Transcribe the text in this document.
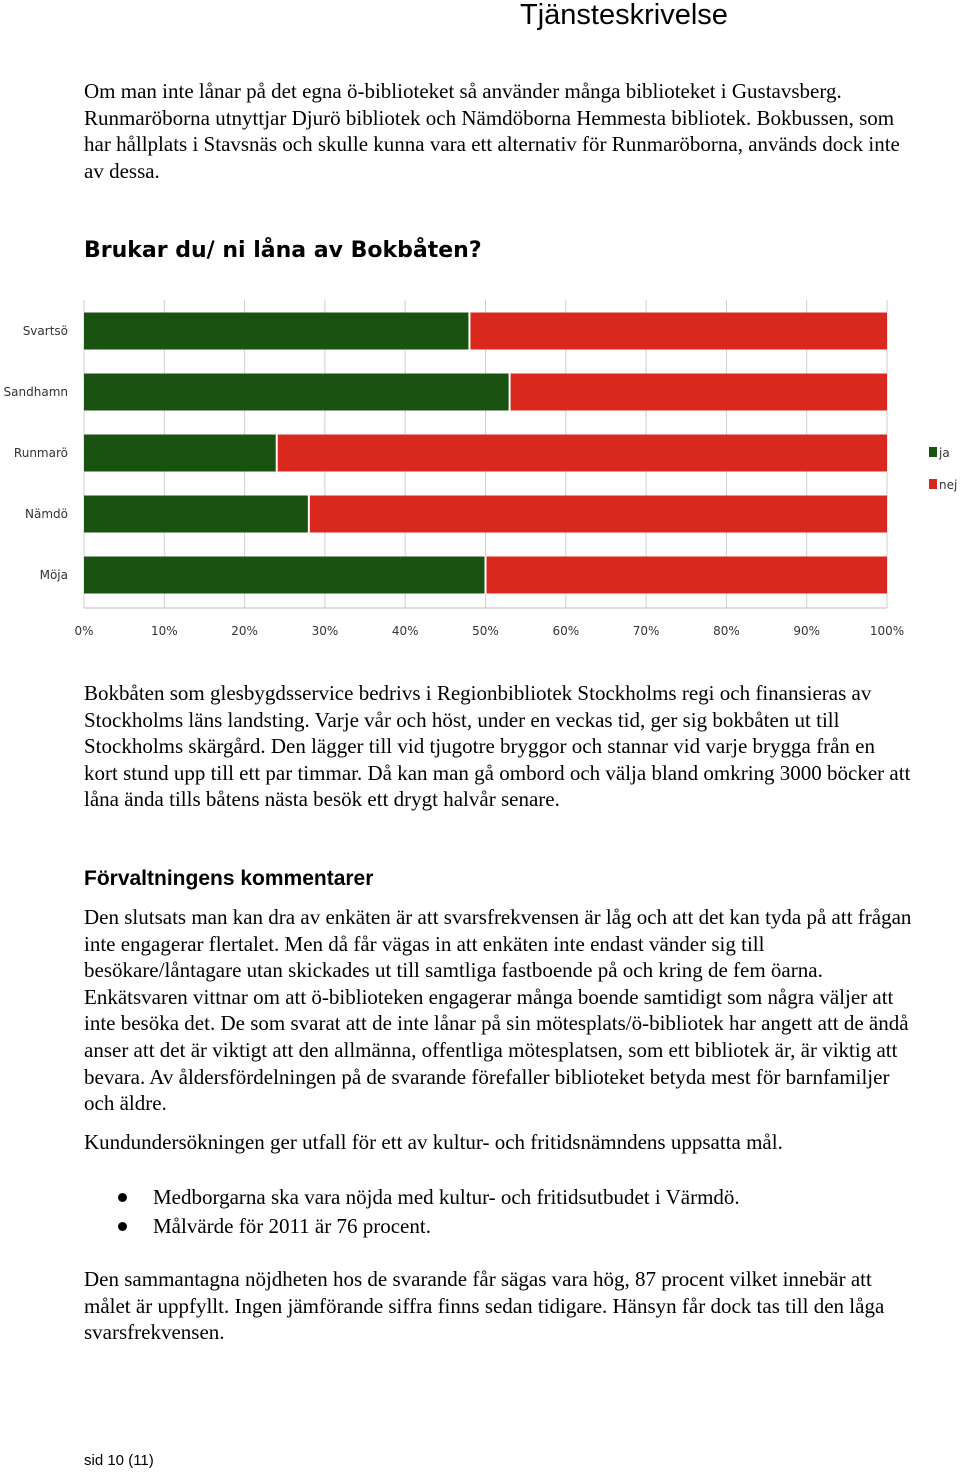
Tjänsteskrivelse

Om man inte lånar på det egna ö-biblioteket så använder många biblioteket i Gustavsberg. Runmaröborna utnyttjar Djurö bibliotek och Nämdöborna Hemmesta bibliotek. Bokbussen, som har hållplats i Stavsnäs och skulle kunna vara ett alternativ för Runmaröborna, används dock inte av dessa.

Brukar du/ ni låna av Bokbåten?
0%	10%	20%	30%	40%	50%	60%	70%	80%	90%	100%
Svartsö
Sandhamn
Runmarö
Nämdö
Möja
ja
nej

Bokbåten som glesbygdsservice bedrivs i Regionbibliotek Stockholms regi och finansieras av Stockholms läns landsting. Varje vår och höst, under en veckas tid, ger sig bokbåten ut till Stockholms skärgård. Den lägger till vid tjugotre bryggor och stannar vid varje brygga från en kort stund upp till ett par timmar. Då kan man gå ombord och välja bland omkring 3000 böcker att låna ända tills båtens nästa besök ett drygt halvår senare.

Förvaltningens kommentarer

Den slutsats man kan dra av enkäten är att svarsfrekvensen är låg och att det kan tyda på att frågan inte engagerar flertalet. Men då får vägas in att enkäten inte endast vänder sig till besökare/låntagare utan skickades ut till samtliga fastboende på och kring de fem öarna. Enkätsvaren vittnar om att ö-biblioteken engagerar många boende samtidigt som några väljer att inte besöka det. De som svarat att de inte lånar på sin mötesplats/ö-bibliotek har angett att de ändå anser att det är viktigt att den allmänna, offentliga mötesplatsen, som ett bibliotek är, är viktig att bevara. Av åldersfördelningen på de svarande förefaller biblioteket betyda mest för barnfamiljer och äldre.

Kundundersökningen ger utfall för ett av kultur- och fritidsnämndens uppsatta mål.

Medborgarna ska vara nöjda med kultur- och fritidsutbudet i Värmdö.
Målvärde för 2011 är 76 procent.

Den sammantagna nöjdheten hos de svarande får sägas vara hög, 87 procent vilket innebär att målet är uppfyllt. Ingen jämförande siffra finns sedan tidigare. Hänsyn får dock tas till den låga svarsfrekvensen.

sid 10 (11)
